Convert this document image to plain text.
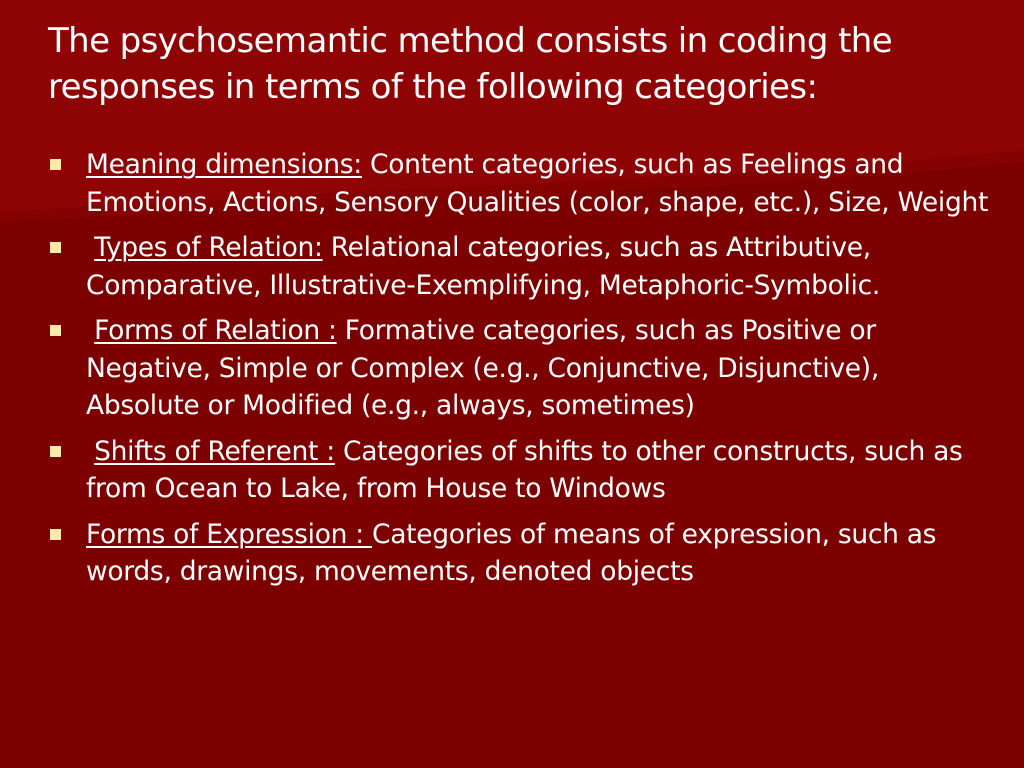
The psychosemantic method consists in coding the responses in terms of the following categories:
Meaning dimensions: Content categories, such as Feelings and Emotions, Actions, Sensory Qualities (color, shape, etc.), Size, Weight
Types of Relation: Relational categories, such as Attributive, Comparative, Illustrative-Exemplifying, Metaphoric-Symbolic.
Forms of Relation : Formative categories, such as Positive or Negative, Simple or Complex (e.g., Conjunctive, Disjunctive), Absolute or Modified (e.g., always, sometimes)
Shifts of Referent : Categories of shifts to other constructs, such as from Ocean to Lake, from House to Windows
Forms of Expression : Categories of means of expression, such as words, drawings, movements, denoted objects
